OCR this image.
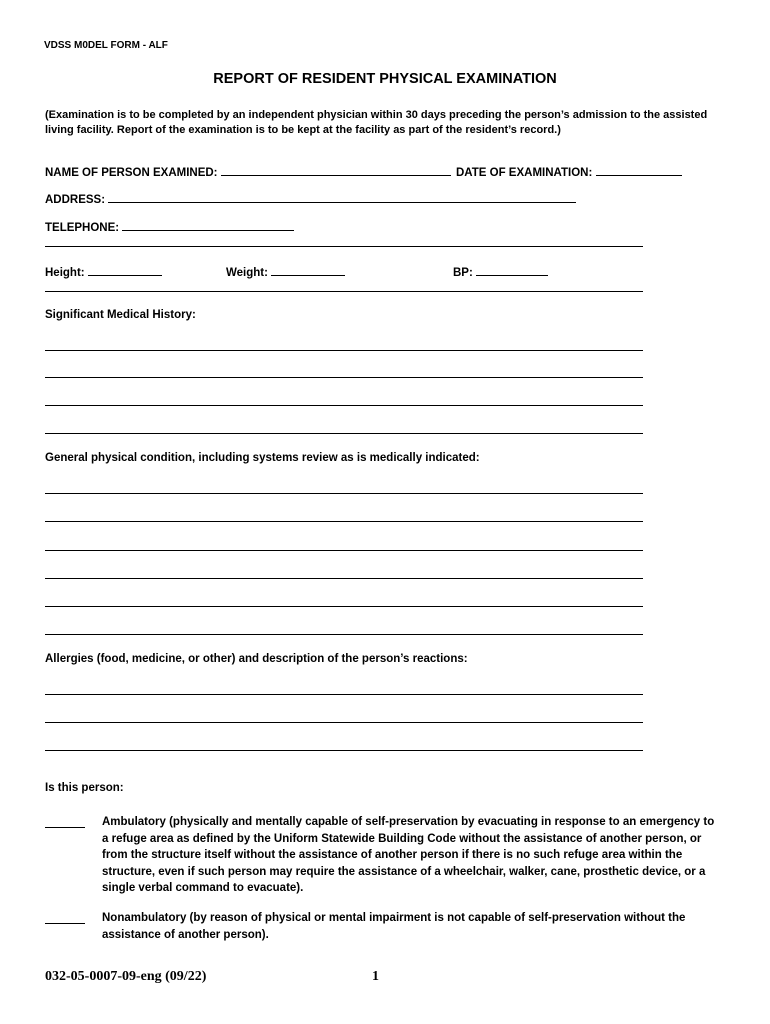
VDSS M0DEL FORM - ALF
REPORT OF RESIDENT PHYSICAL EXAMINATION
(Examination is to be completed by an independent physician within 30 days preceding the person’s admission to the assisted living facility. Report of the examination is to be kept at the facility as part of the resident’s record.)
NAME OF PERSON EXAMINED:	DATE OF EXAMINATION:
ADDRESS:
TELEPHONE:
Height:	Weight:	BP:
Significant Medical History:
General physical condition, including systems review as is medically indicated:
Allergies (food, medicine, or other) and description of the person’s reactions:
Is this person:
Ambulatory (physically and mentally capable of self-preservation by evacuating in response to an emergency to a refuge area as defined by the Uniform Statewide Building Code without the assistance of another person, or from the structure itself without the assistance of another person if there is no such refuge area within the structure, even if such person may require the assistance of a wheelchair, walker, cane, prosthetic device, or a single verbal command to evacuate).
Nonambulatory (by reason of physical or mental impairment is not capable of self-preservation without the assistance of another person).
032-05-0007-09-eng (09/22)	1
